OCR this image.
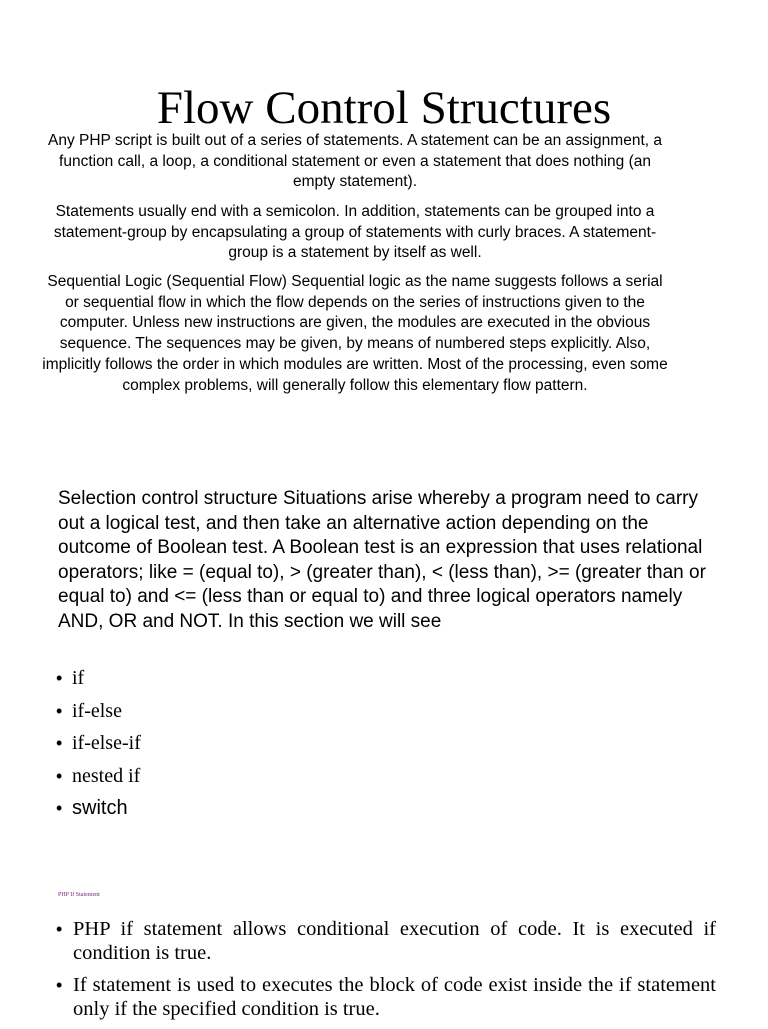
Flow Control Structures

Any PHP script is built out of a series of statements. A statement can be an assignment, a function call, a loop, a conditional statement or even a statement that does nothing (an empty statement).

Statements usually end with a semicolon. In addition, statements can be grouped into a statement-group by encapsulating a group of statements with curly braces. A statement-group is a statement by itself as well.

Sequential Logic (Sequential Flow) Sequential logic as the name suggests follows a serial or sequential flow in which the flow depends on the series of instructions given to the computer. Unless new instructions are given, the modules are executed in the obvious sequence. The sequences may be given, by means of numbered steps explicitly. Also, implicitly follows the order in which modules are written. Most of the processing, even some complex problems, will generally follow this elementary flow pattern.

Selection control structure Situations arise whereby a program need to carry out a logical test, and then take an alternative action depending on the outcome of Boolean test. A Boolean test is an expression that uses relational operators; like = (equal to), > (greater than), < (less than), >= (greater than or equal to) and <= (less than or equal to) and three logical operators namely AND, OR and NOT. In this section we will see

• if
• if-else
• if-else-if
• nested if
• switch

PHP If Statement

• PHP if statement allows conditional execution of code. It is executed if condition is true.
• If statement is used to executes the block of code exist inside the if statement only if the specified condition is true.
